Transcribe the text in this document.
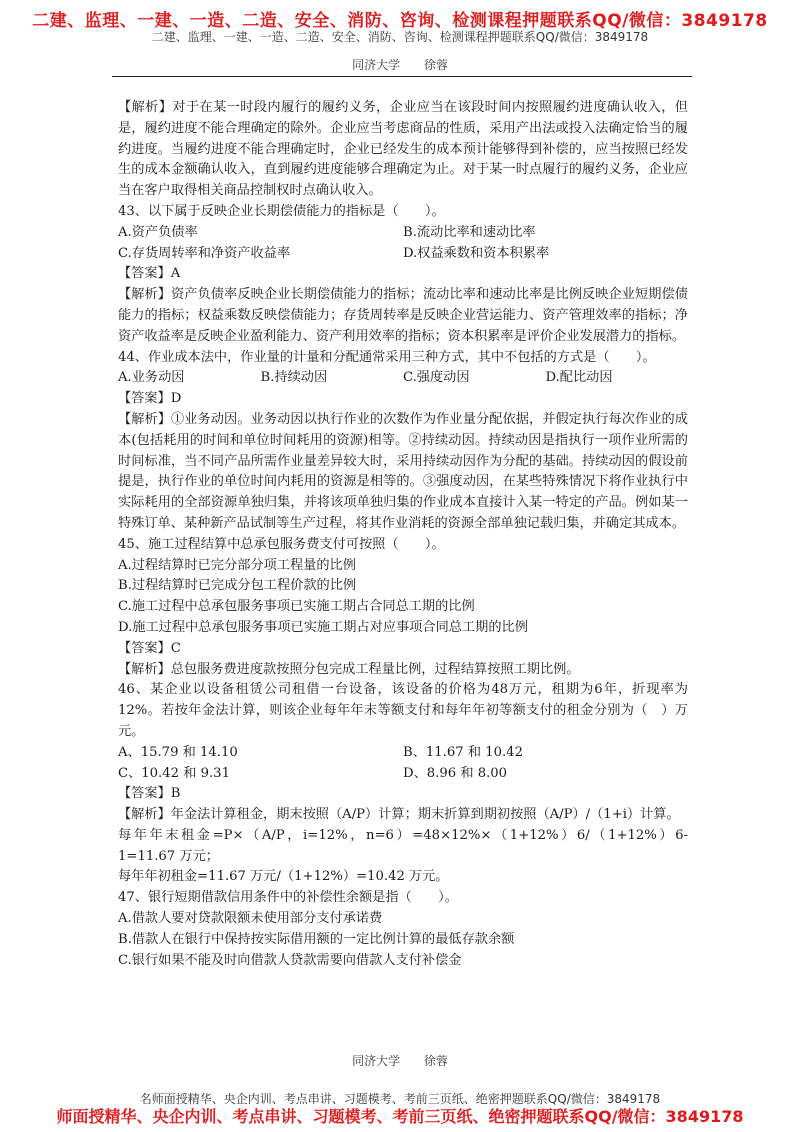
二建、监理、一建、一造、二造、安全、消防、咨询、检测课程押题联系QQ/微信：3849178
二建、监理、一建、一造、二造、安全、消防、咨询、检测课程押题联系QQ/微信：3849178
同济大学 徐蓉

【解析】对于在某一时段内履行的履约义务，企业应当在该段时间内按照履约进度确认收入，但是，履约进度不能合理确定的除外。企业应当考虑商品的性质，采用产出法或投入法确定恰当的履约进度。当履约进度不能合理确定时，企业已经发生的成本预计能够得到补偿的，应当按照已经发生的成本金额确认收入，直到履约进度能够合理确定为止。对于某一时点履行的履约义务，企业应当在客户取得相关商品控制权时点确认收入。

43、以下属于反映企业长期偿债能力的指标是（　　）。

A.资产负债率	B.流动比率和速动比率
C.存货周转率和净资产收益率	D.权益乘数和资本积累率

【答案】A

【解析】资产负债率反映企业长期偿债能力的指标；流动比率和速动比率是比例反映企业短期偿债能力的指标；权益乘数反映偿债能力；存货周转率是反映企业营运能力、资产管理效率的指标；净资产收益率是反映企业盈利能力、资产利用效率的指标；资本积累率是评价企业发展潜力的指标。

44、作业成本法中，作业量的计量和分配通常采用三种方式，其中不包括的方式是（　　）。

A.业务动因	B.持续动因	C.强度动因	D.配比动因

【答案】D

【解析】①业务动因。业务动因以执行作业的次数作为作业量分配依据，并假定执行每次作业的成本(包括耗用的时间和单位时间耗用的资源)相等。②持续动因。持续动因是指执行一项作业所需的时间标准，当不同产品所需作业量差异较大时，采用持续动因作为分配的基础。持续动因的假设前提是，执行作业的单位时间内耗用的资源是相等的。③强度动因，在某些特殊情况下将作业执行中实际耗用的全部资源单独归集，并将该项单独归集的作业成本直接计入某一特定的产品。例如某一特殊订单、某种新产品试制等生产过程，将其作业消耗的资源全部单独记载归集，并确定其成本。

45、施工过程结算中总承包服务费支付可按照（　　）。

A.过程结算时已完分部分项工程量的比例

B.过程结算时已完成分包工程价款的比例

C.施工过程中总承包服务事项已实施工期占合同总工期的比例

D.施工过程中总承包服务事项已实施工期占对应事项合同总工期的比例

【答案】C

【解析】总包服务费进度款按照分包完成工程量比例，过程结算按照工期比例。

46、某企业以设备租赁公司租借一台设备，该设备的价格为48万元，租期为6年，折现率为12%。若按年金法计算，则该企业每年年末等额支付和每年年初等额支付的租金分别为（　）万元。

A、15.79 和 14.10	B、11.67 和 10.42
C、10.42 和 9.31	D、8.96 和 8.00

【答案】B

【解析】年金法计算租金，期末按照（A/P）计算；期末折算到期初按照（A/P）/（1+i）计算。

每年年末租金=P×（A/P，i=12%，n=6）=48×12%×（1+12%）6/（1+12%）6-1=11.67 万元；

每年年初租金=11.67 万元/（1+12%）=10.42 万元。

47、银行短期借款信用条件中的补偿性余额是指（　　）。

A.借款人要对贷款限额未使用部分支付承诺费

B.借款人在银行中保持按实际借用额的一定比例计算的最低存款余额

C.银行如果不能及时向借款人贷款需要向借款人支付补偿金

同济大学 徐蓉
名师面授精华、央企内训、考点串讲、习题模考、考前三页纸、绝密押题联系QQ/微信：3849178
师面授精华、央企内训、考点串讲、习题模考、考前三页纸、绝密押题联系QQ/微信：3849178
